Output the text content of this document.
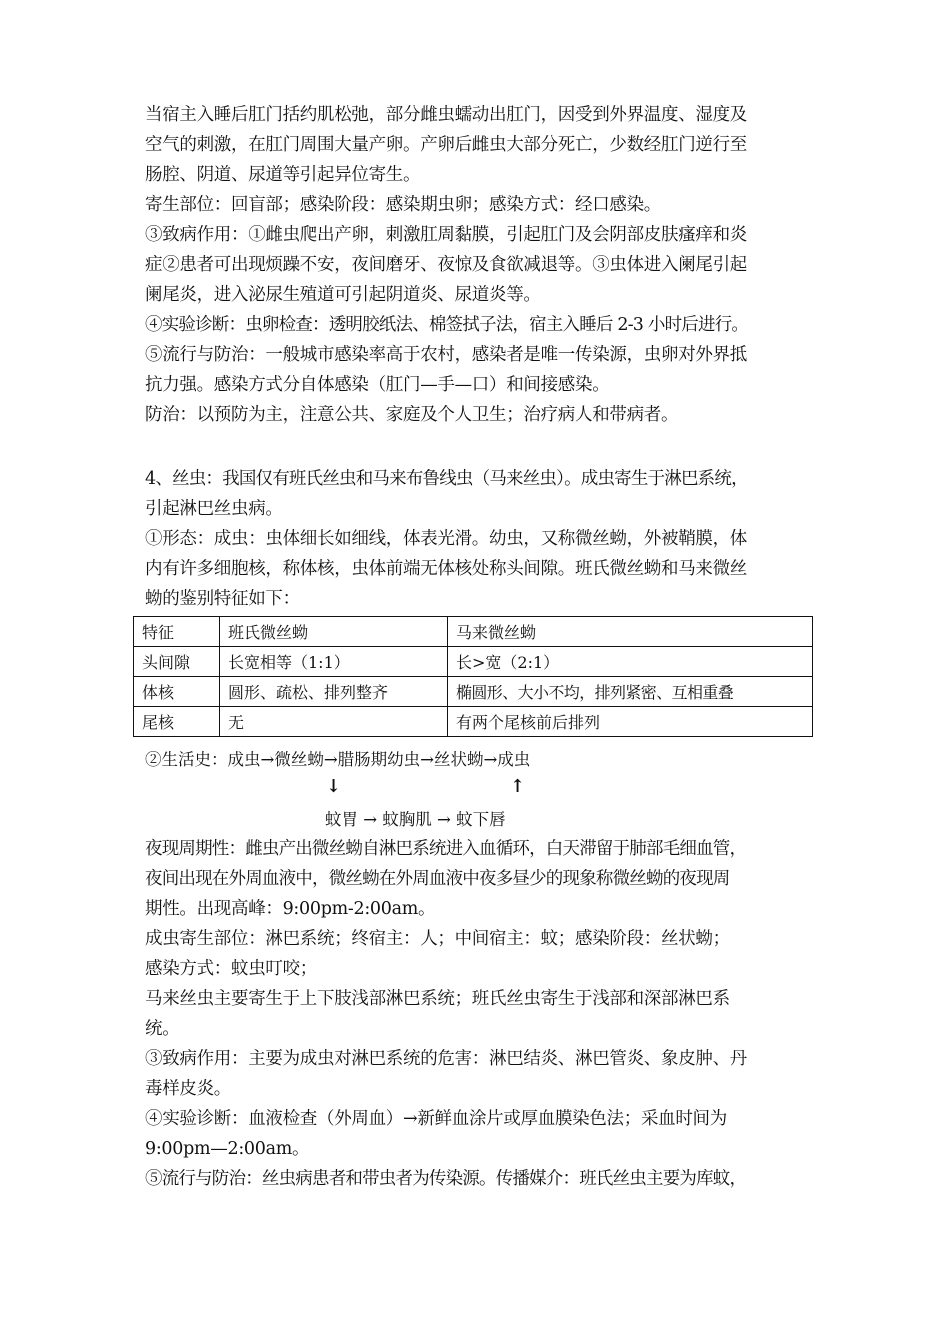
当宿主入睡后肛门括约肌松弛，部分雌虫蠕动出肛门，因受到外界温度、湿度及
空气的刺激，在肛门周围大量产卵。产卵后雌虫大部分死亡，少数经肛门逆行至
肠腔、阴道、尿道等引起异位寄生。
寄生部位：回盲部；感染阶段：感染期虫卵；感染方式：经口感染。
③致病作用：①雌虫爬出产卵，刺激肛周黏膜，引起肛门及会阴部皮肤瘙痒和炎
症②患者可出现烦躁不安，夜间磨牙、夜惊及食欲减退等。③虫体进入阑尾引起
阑尾炎，进入泌尿生殖道可引起阴道炎、尿道炎等。
④实验诊断：虫卵检查：透明胶纸法、棉签拭子法，宿主入睡后 2-3 小时后进行。
⑤流行与防治：一般城市感染率高于农村，感染者是唯一传染源，虫卵对外界抵
抗力强。感染方式分自体感染（肛门—手—口）和间接感染。
防治：以预防为主，注意公共、家庭及个人卫生；治疗病人和带病者。
4、丝虫：我国仅有班氏丝虫和马来布鲁线虫（马来丝虫）。成虫寄生于淋巴系统，
引起淋巴丝虫病。
①形态：成虫：虫体细长如细线，体表光滑。幼虫，又称微丝蚴，外被鞘膜，体
内有许多细胞核，称体核，虫体前端无体核处称头间隙。班氏微丝蚴和马来微丝
蚴的鉴别特征如下：
特征	班氏微丝蚴	马来微丝蚴
头间隙	长宽相等（1:1）	长>宽（2:1）
体核	圆形、疏松、排列整齐	椭圆形、大小不均，排列紧密、互相重叠
尾核	无	有两个尾核前后排列
②生活史：成虫→微丝蚴→腊肠期幼虫→丝状蚴→成虫
↓	↑
蚊胃 → 蚊胸肌 → 蚊下唇
夜现周期性：雌虫产出微丝蚴自淋巴系统进入血循环，白天滞留于肺部毛细血管，
夜间出现在外周血液中，微丝蚴在外周血液中夜多昼少的现象称微丝蚴的夜现周
期性。出现高峰：9:00pm-2:00am。
成虫寄生部位：淋巴系统；终宿主：人；中间宿主：蚊；感染阶段：丝状蚴；
感染方式：蚊虫叮咬；
马来丝虫主要寄生于上下肢浅部淋巴系统；班氏丝虫寄生于浅部和深部淋巴系
统。
③致病作用：主要为成虫对淋巴系统的危害：淋巴结炎、淋巴管炎、象皮肿、丹
毒样皮炎。
④实验诊断：血液检查（外周血）→新鲜血涂片或厚血膜染色法；采血时间为
9:00pm—2:00am。
⑤流行与防治：丝虫病患者和带虫者为传染源。传播媒介：班氏丝虫主要为库蚊，
